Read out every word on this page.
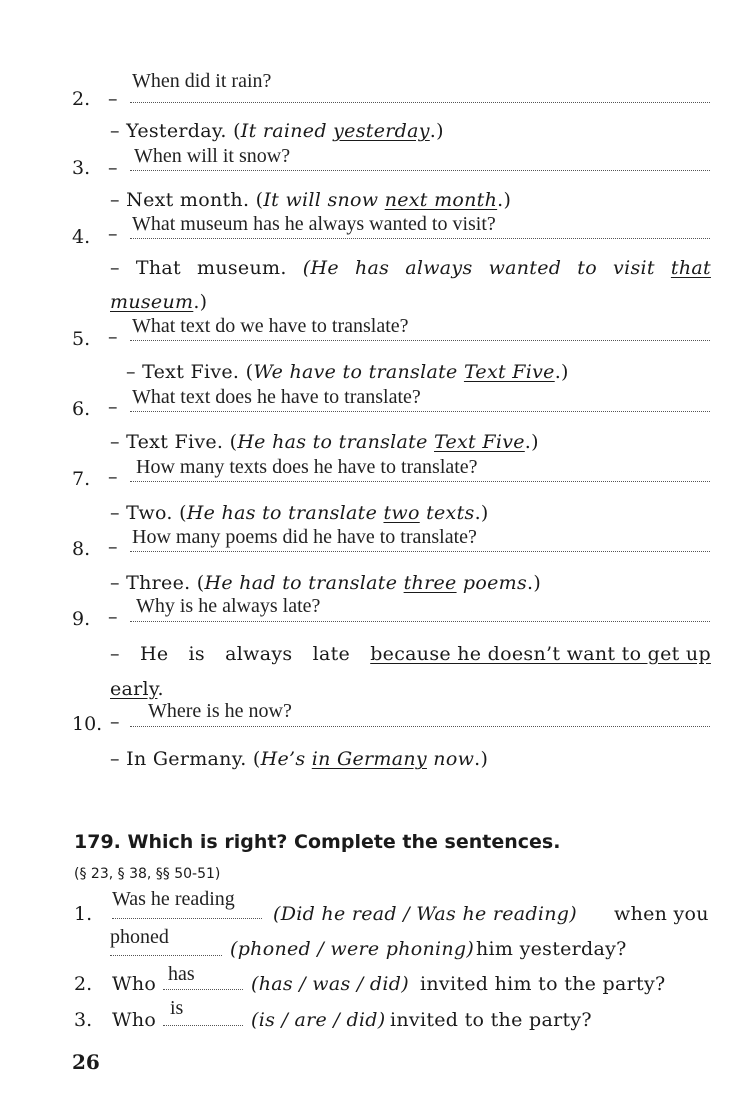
2. –
When did it rain?
– Yesterday. (It rained yesterday.)
3. –
When will it snow?
– Next month. (It will snow next month.)
4. – What museum has he always wanted to visit?
– That museum. (He has always wanted to visit that
museum.)
5. – What text do we have to translate?
– Text Five. (We have to translate Text Five.)
6. – What text does he have to translate?
– Text Five. (He has to translate Text Five.)
7. – How many texts does he have to translate?
– Two. (He has to translate two texts.)
8. – How many poems did he have to translate?
– Three. (He had to translate three poems.)
9. – Why is he always late?
– He is always late because he doesn’t want to get up
early.
10. – Where is he now?
– In Germany. (He’s in Germany now.)
179. Which is right? Complete the sentences.
(§ 23, § 38, §§ 50-51)
1.
Was he reading
(Did he read / Was he reading) when you
phoned
(phoned / were phoning) him yesterday?
2. Who has	(has / was / did) invited him to the party?
3. Who
is
(is / are / did) invited to the party?
26
